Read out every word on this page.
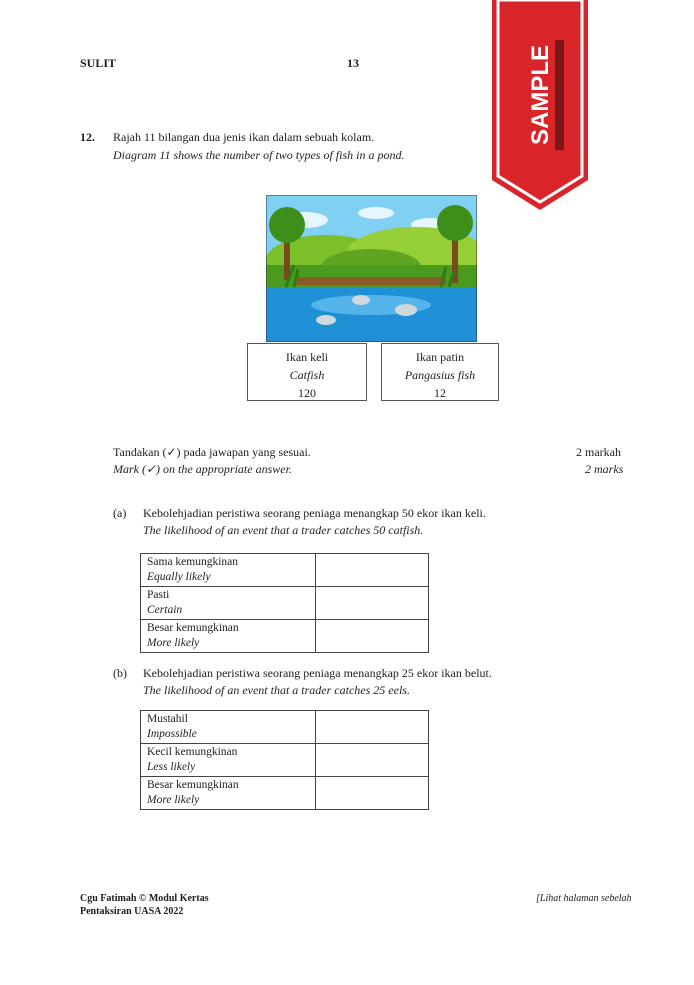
SULIT	13	SAMPLE
12. Rajah 11 bilangan dua jenis ikan dalam sebuah kolam.
Diagram 11 shows the number of two types of fish in a pond.
Ikan keli
Catfish
120
Ikan patin
Pangasius fish
12
Tandakan (✓) pada jawapan yang sesuai.
Mark (✓) on the appropriate answer.
2 markah
2 marks
(a) Kebolehjadian peristiwa seorang peniaga menangkap 50 ekor ikan keli.
The likelihood of an event that a trader catches 50 catfish.
Sama kemungkinan
Equally likely	

Pasti
Certain	

Besar kemungkinan
More likely	

(b) Kebolehjadian peristiwa seorang peniaga menangkap 25 ekor ikan belut.
The likelihood of an event that a trader catches 25 eels.
Mustahil
Impossible	

Kecil kemungkinan
Less likely	

Besar kemungkinan
More likely	

Cgu Fatimah © Modul Kertas
Pentaksiran UASA 2022
[Lihat halaman sebelah
